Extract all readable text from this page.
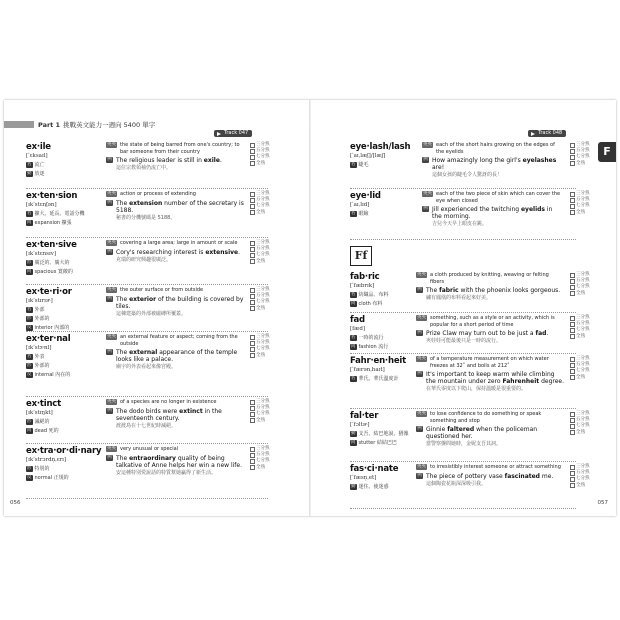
Part 1 挑戰英文能力一週向 5400 單字
Track 047
ex·ile
[ˈɛksaɪl]
名 流亡
動 放逐
英英 the state of being barred from one's country; to bar someone from their country
例 The religious leader is still in exile.
這位宗教領袖仍流亡中。
三分熟
五分熟
七分熟
全熟
ex·ten·sion
[ɪkˈstɛnʃən]
名 擴大、延長、電話分機
同 expansion 擴張
英英 action or process of extending
例 The extension number of the secretary is 5188.
秘書的分機號碼是 5188。
三分熟
五分熟
七分熟
全熟
ex·ten·sive
[ɪkˈstɛnsɪv]
形 廣泛的、廣大的
同 spacious 寬敞的
英英 covering a large area; large in amount or scale
例 Cory's researching interest is extensive.
克瑞的研究興趣很廣泛。
三分熟
五分熟
七分熟
全熟
ex·te·ri·or
[ɪkˈstɪrɪɚ]
名 外部
形 外部的
反 interior 內部的
英英 the outer surface or from outside
例 The exterior of the building is covered by tiles.
這棟建築的外部被磁磚所覆蓋。
三分熟
五分熟
七分熟
全熟
ex·ter·nal
[ɪkˈstɝnl]
名 外表
形 外部的
反 internal 內在的
英英 an external feature or aspect; coming from the outside
例 The external appearance of the temple looks like a palace.
廟宇的外表看起來像宮殿。
三分熟
五分熟
七分熟
全熟
ex·tinct
[ɪkˈstɪŋkt]
形 滅絕的
同 dead 死的
英英 of a species are no longer in existence
例 The dodo birds were extinct in the seventeenth century.
渡渡鳥在十七世紀時滅絕。
三分熟
五分熟
七分熟
全熟
ex·tra·or·di·nary
[ɪkˈstrɔrdn̩ˌɛrɪ]
形 特別的
反 normal 正規的
英英 very unusual or special
例 The entraordinary quality of being talkative of Anne helps her win a new life.
安這種特別愛說話的特質幫她贏得了新生活。
三分熟
五分熟
七分熟
全熟
056
Track 048
F
eye·lash/lash
[ˈaɪˌlæʃ]/[læʃ]
名 睫毛
英英 each of the short hairs growing on the edges of the eyelids
例 How amazingly long the girl's eyelashes are!
這個女孩的睫毛令人驚訝的長！
三分熟
五分熟
七分熟
全熟
eye·lid
[ˈaɪˌlɪd]
名 眼瞼
英英 each of the two piece of skin which can cover the eye when closed
例 Jill experienced the twitching eyelids in the morning.
吉兒今天早上眼皮在跳。
三分熟
五分熟
七分熟
全熟
fab·ric
[ˈfæbrɪk]
名 紡織品、布料
同 cloth 布料
英英 a cloth produced by knitting, weaving or felting fibers
例 The fabric with the phoenix looks gorgeous.
繡有鳳凰的布料看起來好美。
三分熟
五分熟
七分熟
全熟
fad
[fæd]
名 一時的流行
同 fashion 流行
英英 something, such as a style or an activity, which is popular for a short period of time
例 Prize Claw may turn out to be just a fad.
夾娃娃可能最後只是一時的流行。
三分熟
五分熟
七分熟
全熟
Fahr·en·heit
[ˈfærənˌhaɪt]
名 華氏、華氏溫度計
英英 of a temperature measurement on which water freezes at 32˚ and boils at 212˚
例 It's important to keep warm while climbing the mountain under zero Fahrenheit degree.
在華氏零度以下爬山，保持溫暖是很重要的。
三分熟
五分熟
七分熟
全熟
fal·ter
[ˈfɔltɚ]
動 支吾、結巴地說、猶豫
同 stutter 結結巴巴
英英 to lose confidence to do something or speak something and stop
例 Ginnie faltered when the policeman questioned her.
當警察盤問她時，金妮支吾其詞。
三分熟
五分熟
七分熟
全熟
fas·ci·nate
[ˈfæsn̩ˌet]
動 迷住、使迷惑
英英 to irresistibly interest someone or attract something
例 The piece of pottery vase fascinated me.
這個陶瓷花瓶深深吸引我。
三分熟
五分熟
七分熟
全熟
Ff
057
